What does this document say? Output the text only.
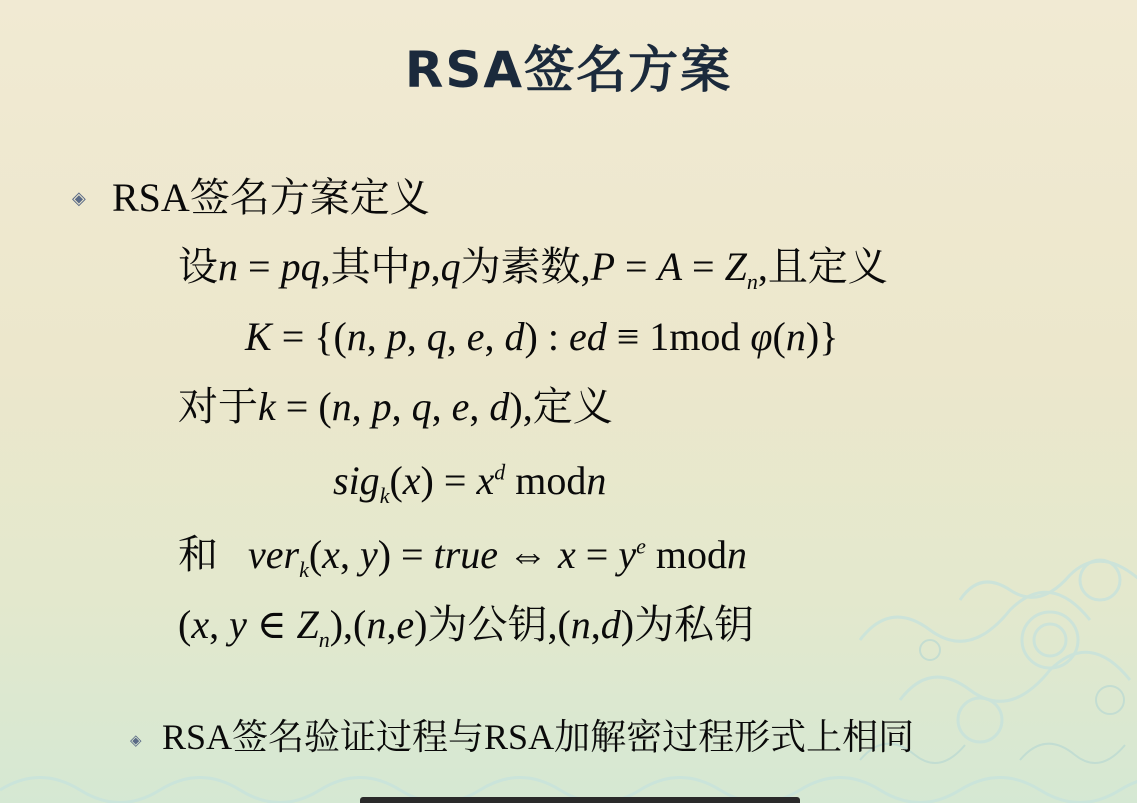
RSA签名方案
◈ RSA签名方案定义
设n = pq,其中p,q为素数$,P = A = Z_n$,且定义
K = {(n, p, q, e, d) : ed ≡ 1mod φ(n)}
对于k = (n, p, q, e, d),定义
$sig_k(x) = x^d$ modn
和 ver$_k$(x, y) = true ⇔ $x = y^e$ modn
(x, y ∈ $Z_n),(n,e)$为公钥,(n,d)为私钥
◈ RSA签名验证过程与RSA加解密过程形式上相同
